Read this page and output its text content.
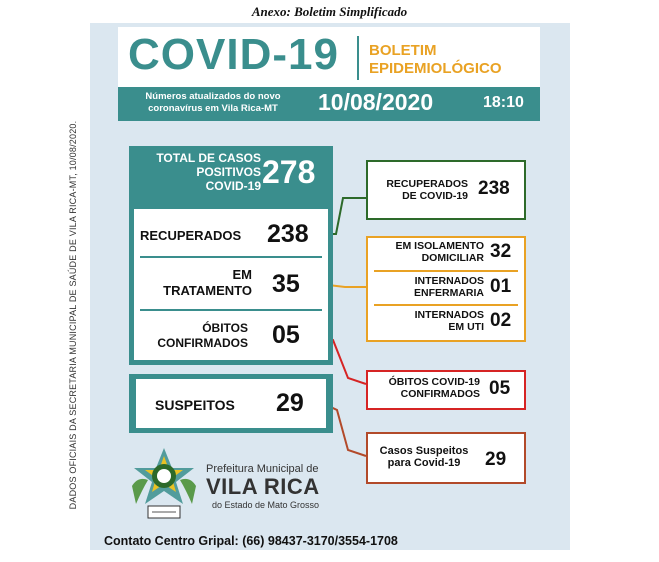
Anexo: Boletim Simplificado
DADOS OFICIAIS DA SECRETARIA MUNICIPAL DE SAÚDE DE VILA RICA-MT, 10/08/2020.
COVID-19 BOLETIM
EPIDEMIOLÓGICO
Números atualizados do novo
coronavírus em Vila Rica-MT	10/08/2020	18:10
TOTAL DE CASOS
POSITIVOS
COVID-19 278
RECUPERADOS 238
EM
TRATAMENTO 35
ÓBITOS
CONFIRMADOS 05
SUSPEITOS 29
RECUPERADOS
DE COVID-19 238
EM ISOLAMENTO
DOMICILIAR 32
INTERNADOS
ENFERMARIA 01
INTERNADOS
EM UTI 02
ÓBITOS COVID-19
CONFIRMADOS 05
Casos Suspeitos
para Covid-19	29
Prefeitura Municipal de
VILA RICA
do Estado de Mato Grosso
Contato Centro Gripal: (66) 98437-3170/3554-1708
